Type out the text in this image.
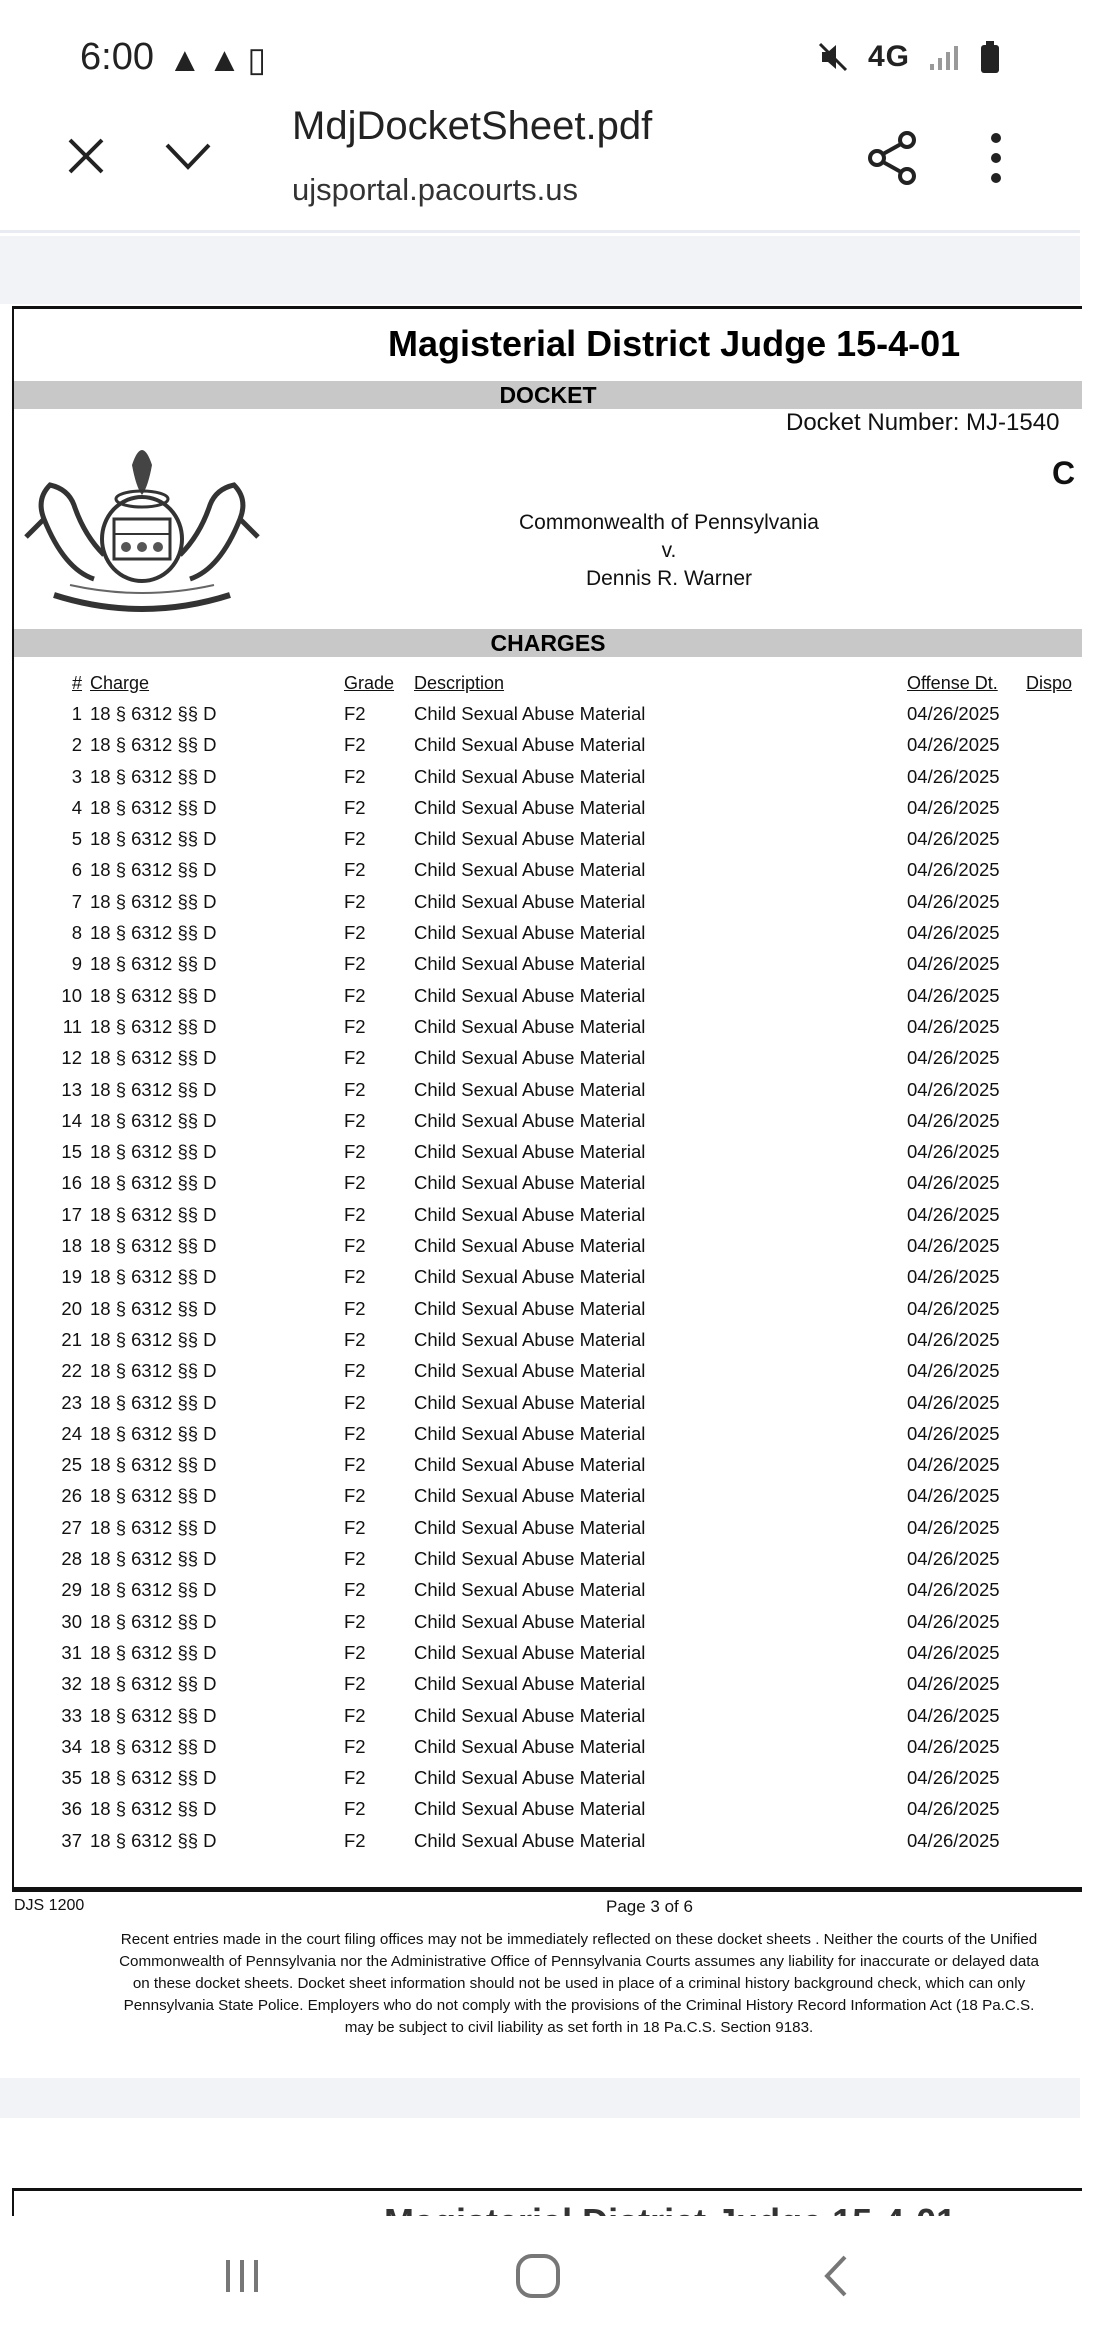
6:00 ▲▲▯	4G
MdjDocketSheet.pdf
ujsportal.pacourts.us
Magisterial District Judge 15-4-01
DOCKET
Docket Number: MJ-1540
C
Commonwealth of Pennsylvania
v.
Dennis R. Warner
CHARGES
# Charge	Grade Description	Offense Dt. Dispo
1 18 § 6312 §§ D	F2	Child Sexual Abuse Material	04/26/2025
2 18 § 6312 §§ D	F2	Child Sexual Abuse Material	04/26/2025
3 18 § 6312 §§ D	F2	Child Sexual Abuse Material	04/26/2025
4 18 § 6312 §§ D	F2	Child Sexual Abuse Material	04/26/2025
5 18 § 6312 §§ D	F2	Child Sexual Abuse Material	04/26/2025
6 18 § 6312 §§ D	F2	Child Sexual Abuse Material	04/26/2025
7 18 § 6312 §§ D	F2	Child Sexual Abuse Material	04/26/2025
8 18 § 6312 §§ D	F2	Child Sexual Abuse Material	04/26/2025
9 18 § 6312 §§ D	F2	Child Sexual Abuse Material	04/26/2025
10 18 § 6312 §§ D	F2	Child Sexual Abuse Material	04/26/2025
11 18 § 6312 §§ D	F2	Child Sexual Abuse Material	04/26/2025
12 18 § 6312 §§ D	F2	Child Sexual Abuse Material	04/26/2025
13 18 § 6312 §§ D	F2	Child Sexual Abuse Material	04/26/2025
14 18 § 6312 §§ D	F2	Child Sexual Abuse Material	04/26/2025
15 18 § 6312 §§ D	F2	Child Sexual Abuse Material	04/26/2025
16 18 § 6312 §§ D	F2	Child Sexual Abuse Material	04/26/2025
17 18 § 6312 §§ D	F2	Child Sexual Abuse Material	04/26/2025
18 18 § 6312 §§ D	F2	Child Sexual Abuse Material	04/26/2025
19 18 § 6312 §§ D	F2	Child Sexual Abuse Material	04/26/2025
20 18 § 6312 §§ D	F2	Child Sexual Abuse Material	04/26/2025
21 18 § 6312 §§ D	F2	Child Sexual Abuse Material	04/26/2025
22 18 § 6312 §§ D	F2	Child Sexual Abuse Material	04/26/2025
23 18 § 6312 §§ D	F2	Child Sexual Abuse Material	04/26/2025
24 18 § 6312 §§ D	F2	Child Sexual Abuse Material	04/26/2025
25 18 § 6312 §§ D	F2	Child Sexual Abuse Material	04/26/2025
26 18 § 6312 §§ D	F2	Child Sexual Abuse Material	04/26/2025
27 18 § 6312 §§ D	F2	Child Sexual Abuse Material	04/26/2025
28 18 § 6312 §§ D	F2	Child Sexual Abuse Material	04/26/2025
29 18 § 6312 §§ D	F2	Child Sexual Abuse Material	04/26/2025
30 18 § 6312 §§ D	F2	Child Sexual Abuse Material	04/26/2025
31 18 § 6312 §§ D	F2	Child Sexual Abuse Material	04/26/2025
32 18 § 6312 §§ D	F2	Child Sexual Abuse Material	04/26/2025
33 18 § 6312 §§ D	F2	Child Sexual Abuse Material	04/26/2025
34 18 § 6312 §§ D	F2	Child Sexual Abuse Material	04/26/2025
35 18 § 6312 §§ D	F2	Child Sexual Abuse Material	04/26/2025
36 18 § 6312 §§ D	F2	Child Sexual Abuse Material	04/26/2025
37 18 § 6312 §§ D	F2	Child Sexual Abuse Material	04/26/2025
DJS 1200	Page 3 of 6
Recent entries made in the court filing offices may not be immediately reflected on these docket sheets . Neither the courts of the Unified
Commonwealth of Pennsylvania nor the Administrative Office of Pennsylvania Courts assumes any liability for inaccurate or delayed data
on these docket sheets. Docket sheet information should not be used in place of a criminal history background check, which can only
Pennsylvania State Police. Employers who do not comply with the provisions of the Criminal History Record Information Act (18 Pa.C.S.
may be subject to civil liability as set forth in 18 Pa.C.S. Section 9183.
